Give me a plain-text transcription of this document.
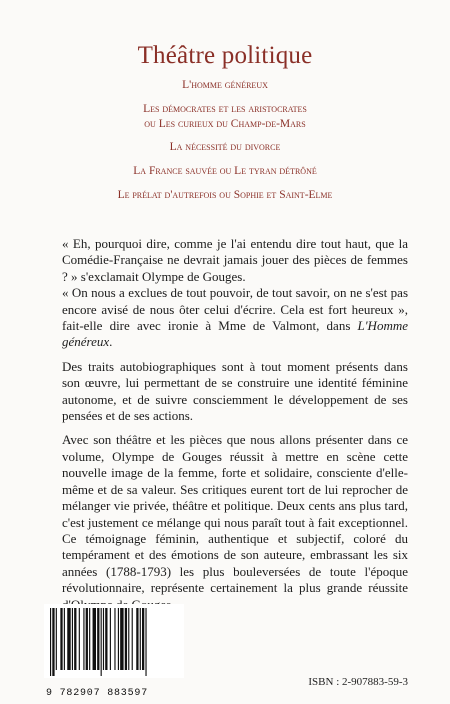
Théâtre politique
L'homme généreux
Les démocrates et les aristocrates
ou Les curieux du Champ-de-Mars
La nécessité du divorce
La France sauvée ou Le tyran détrôné
Le prélat d'autrefois ou Sophie et Saint-Elme

« Eh, pourquoi dire, comme je l'ai entendu dire tout haut, que la Comédie-Française ne devrait jamais jouer des pièces de femmes ? » s'exclamait Olympe de Gouges.

« On nous a exclues de tout pouvoir, de tout savoir, on ne s'est pas encore avisé de nous ôter celui d'écrire. Cela est fort heureux », fait-elle dire avec ironie à Mme de Valmont, dans L'Homme généreux.

Des traits autobiographiques sont à tout moment présents dans son œuvre, lui permettant de se construire une identité féminine autonome, et de suivre consciemment le développement de ses pensées et de ses actions.

Avec son théâtre et les pièces que nous allons présenter dans ce volume, Olympe de Gouges réussit à mettre en scène cette nouvelle image de la femme, forte et solidaire, consciente d'elle-même et de sa valeur. Ses critiques eurent tort de lui reprocher de mélanger vie privée, théâtre et politique. Deux cents ans plus tard, c'est justement ce mélange qui nous paraît tout à fait exceptionnel. Ce témoignage féminin, authentique et subjectif, coloré du tempérament et des émotions de son auteure, embrassant les six années (1788-1793) les plus bouleversées de toute l'époque révolutionnaire, représente certainement la plus grande réussite

9 782907 883597
ISBN : 2-907883-59-3
